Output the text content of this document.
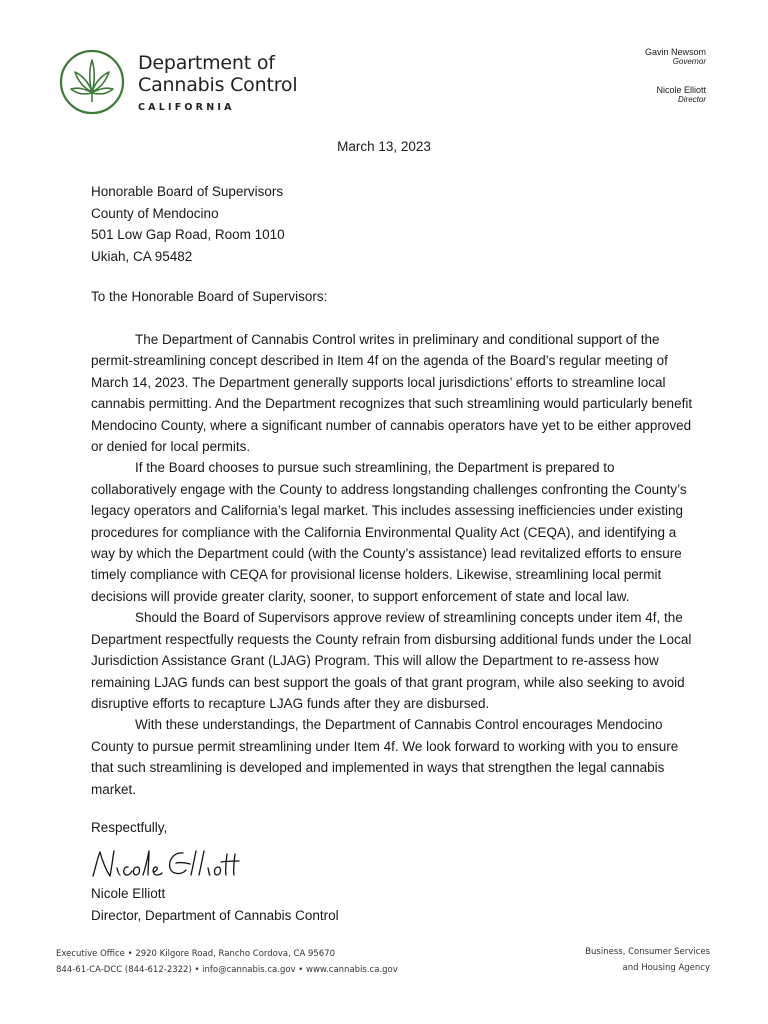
Department of
Cannabis Control
CALIFORNIA
Gavin Newsom
Governor
Nicole Elliott
Director
March 13, 2023
Honorable Board of Supervisors
County of Mendocino
501 Low Gap Road, Room 1010
Ukiah, CA 95482
To the Honorable Board of Supervisors:

The Department of Cannabis Control writes in preliminary and conditional support of the permit-streamlining concept described in Item 4f on the agenda of the Board’s regular meeting of March 14, 2023. The Department generally supports local jurisdictions’ efforts to streamline local cannabis permitting. And the Department recognizes that such streamlining would particularly benefit Mendocino County, where a significant number of cannabis operators have yet to be either approved or denied for local permits.

If the Board chooses to pursue such streamlining, the Department is prepared to collaboratively engage with the County to address longstanding challenges confronting the County’s legacy operators and California’s legal market. This includes assessing inefficiencies under existing procedures for compliance with the California Environmental Quality Act (CEQA), and identifying a way by which the Department could (with the County’s assistance) lead revitalized efforts to ensure timely compliance with CEQA for provisional license holders. Likewise, streamlining local permit decisions will provide greater clarity, sooner, to support enforcement of state and local law.

Should the Board of Supervisors approve review of streamlining concepts under item 4f, the Department respectfully requests the County refrain from disbursing additional funds under the Local Jurisdiction Assistance Grant (LJAG) Program. This will allow the Department to re-assess how remaining LJAG funds can best support the goals of that grant program, while also seeking to avoid disruptive efforts to recapture LJAG funds after they are disbursed.

With these understandings, the Department of Cannabis Control encourages Mendocino County to pursue permit streamlining under Item 4f. We look forward to working with you to ensure that such streamlining is developed and implemented in ways that strengthen the legal cannabis market.

Respectfully,
Nicole Elliott
Director, Department of Cannabis Control
Executive Office • 2920 Kilgore Road, Rancho Cordova, CA 95670
844-61-CA-DCC (844-612-2322) • info@cannabis.ca.gov • www.cannabis.ca.gov
Business, Consumer Services
and Housing Agency
